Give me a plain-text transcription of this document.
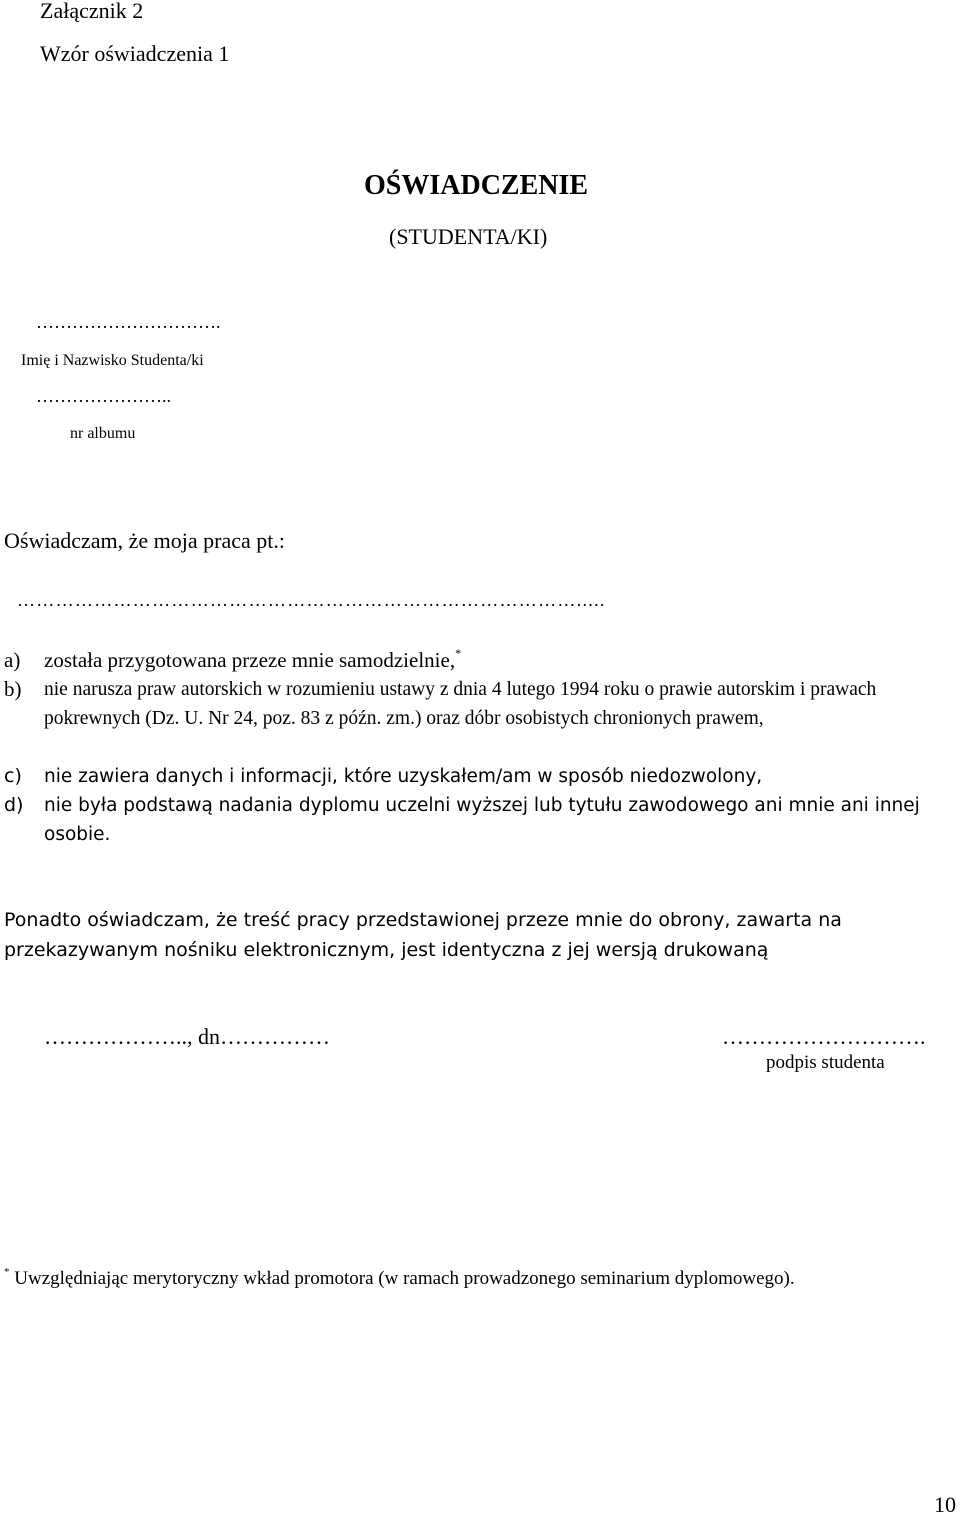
Załącznik 2
Wzór oświadczenia 1
OŚWIADCZENIE
(STUDENTA/KI)
………………………….
Imię i Nazwisko Studenta/ki
…………………..
nr albumu
Oświadczam, że moja praca pt.:
…………………………………………………………………………….....
a) została przygotowana przeze mnie samodzielnie,*
b) nie narusza praw autorskich w rozumieniu ustawy z dnia 4 lutego 1994 roku o prawie autorskim i prawach pokrewnych (Dz. U. Nr 24, poz. 83 z późn. zm.) oraz dóbr osobistych chronionych prawem,
c) nie zawiera danych i informacji, które uzyskałem/am w sposób niedozwolony,
d) nie była podstawą nadania dyplomu uczelni wyższej lub tytułu zawodowego ani mnie ani innej osobie.
Ponadto oświadczam, że treść pracy przedstawionej przeze mnie do obrony, zawarta na przekazywanym nośniku elektronicznym, jest identyczna z jej wersją drukowaną
……………….., dn……………	……………………….
podpis studenta
* Uwzględniając merytoryczny wkład promotora (w ramach prowadzonego seminarium dyplomowego).
10
